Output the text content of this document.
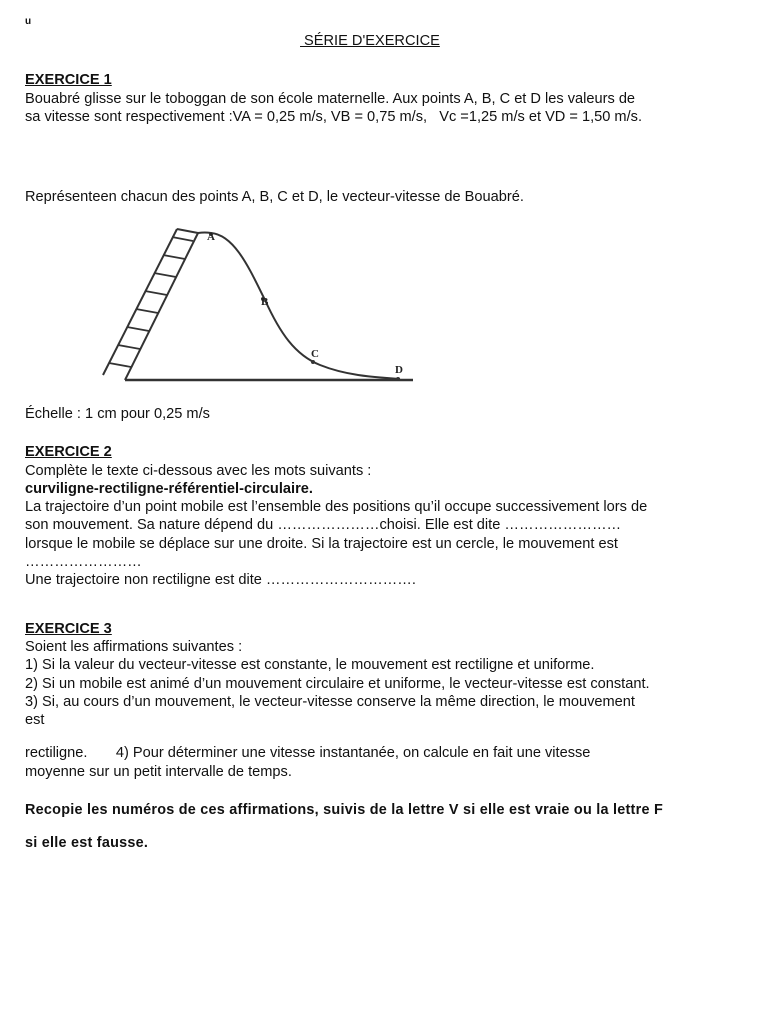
u
SÉRIE D'EXERCICE
EXERCICE 1
Bouabré glisse sur le toboggan de son école maternelle. Aux points A, B, C et D les valeurs de
sa vitesse sont respectivement :VA = 0,25 m/s, VB = 0,75 m/s,   Vc =1,25 m/s et VD = 1,50 m/s.
Représenteen chacun des points A, B, C et D, le vecteur-vitesse de Bouabré.
A
B
C
D
Échelle : 1 cm pour 0,25 m/s
EXERCICE 2
Complète le texte ci-dessous avec les mots suivants :
curviligne-rectiligne-référentiel-circulaire.
La trajectoire d’un point mobile est l’ensemble des positions qu’il occupe successivement lors de
son mouvement. Sa nature dépend du …………………choisi. Elle est dite ……………………
lorsque le mobile se déplace sur une droite. Si la trajectoire est un cercle, le mouvement est
……………………
Une trajectoire non rectiligne est dite ………………………….
EXERCICE 3
Soient les affirmations suivantes :
1) Si la valeur du vecteur-vitesse est constante, le mouvement est rectiligne et uniforme.
2) Si un mobile est animé d’un mouvement circulaire et uniforme, le vecteur-vitesse est constant.
3) Si, au cours d’un mouvement, le vecteur-vitesse conserve la même direction, le mouvement
est
rectiligne.       4) Pour déterminer une vitesse instantanée, on calcule en fait une vitesse
moyenne sur un petit intervalle de temps.
Recopie les numéros de ces affirmations, suivis de la lettre V si elle est vraie ou la lettre F
si elle est fausse.
